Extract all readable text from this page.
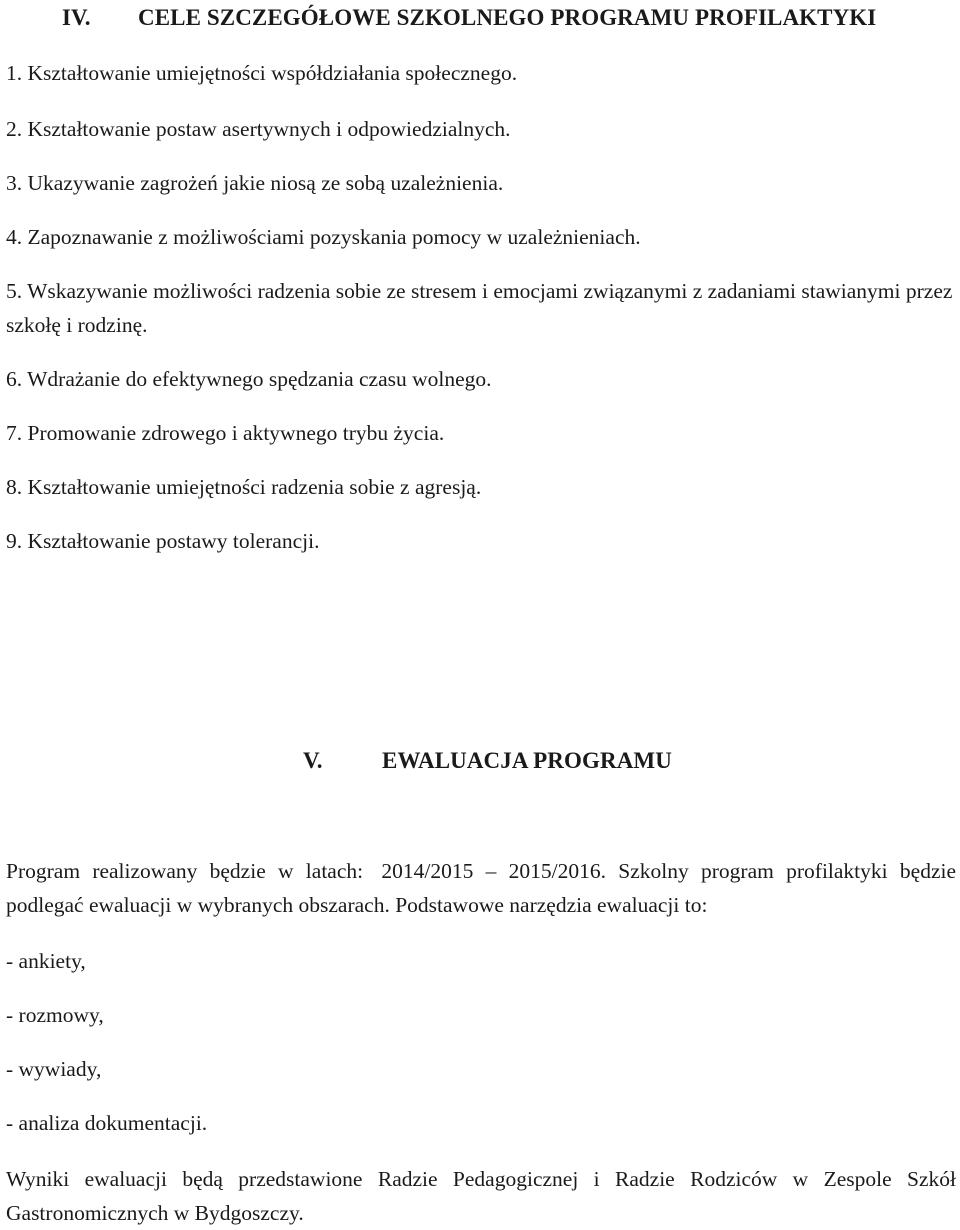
IV. CELE SZCZEGÓŁOWE SZKOLNEGO PROGRAMU PROFILAKTYKI
1. Kształtowanie umiejętności współdziałania społecznego.
2. Kształtowanie postaw asertywnych i odpowiedzialnych.
3. Ukazywanie zagrożeń jakie niosą ze sobą uzależnienia.
4. Zapoznawanie z możliwościami pozyskania pomocy w uzależnieniach.
5. Wskazywanie możliwości radzenia sobie ze stresem i emocjami związanymi z zadaniami stawianymi przez szkołę i rodzinę.
6. Wdrażanie do efektywnego spędzania czasu wolnego.
7. Promowanie zdrowego i aktywnego trybu życia.
8. Kształtowanie umiejętności radzenia sobie z agresją.
9. Kształtowanie postawy tolerancji.
V.	EWALUACJA PROGRAMU
Program realizowany będzie w latach: 2014/2015 – 2015/2016. Szkolny program profilaktyki będzie podlegać ewaluacji w wybranych obszarach. Podstawowe narzędzia ewaluacji to:
- ankiety,
- rozmowy,
- wywiady,
- analiza dokumentacji.
Wyniki ewaluacji będą przedstawione Radzie Pedagogicznej i Radzie Rodziców w Zespole Szkół Gastronomicznych w Bydgoszczy.
